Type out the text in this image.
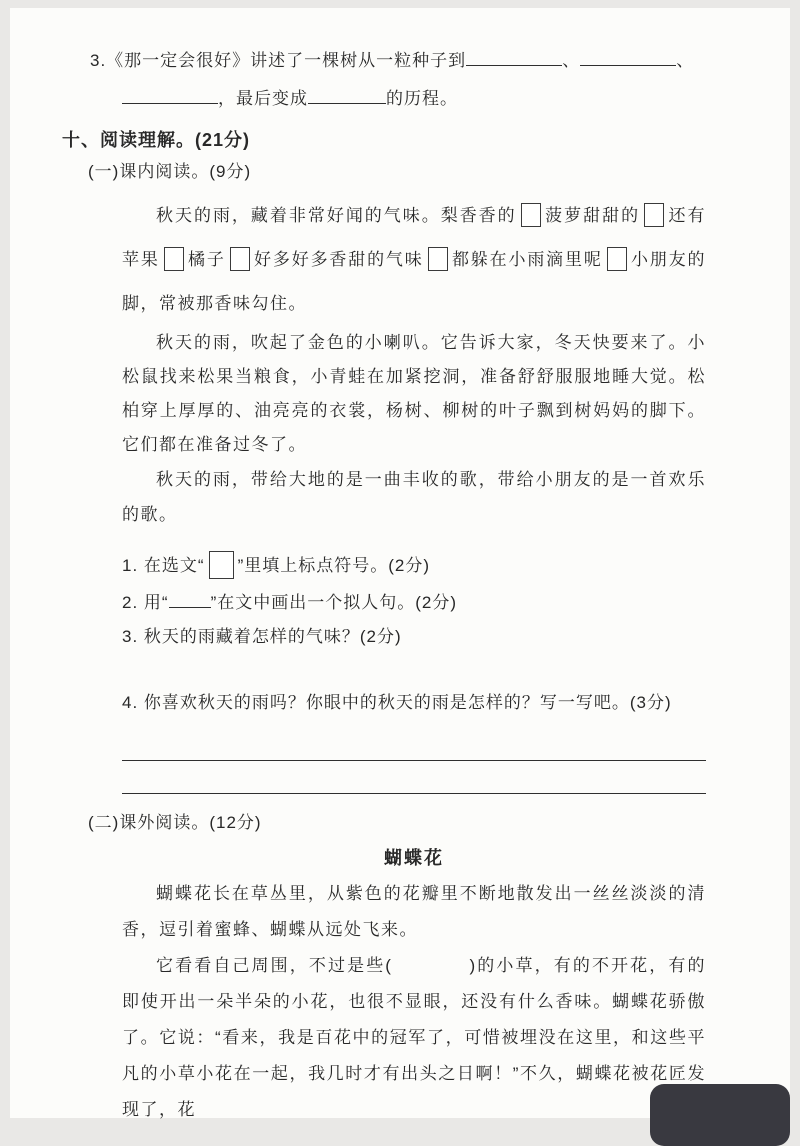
3.《那一定会很好》讲述了一棵树从一粒种子到	、	、
，最后变成	的历程。
十、阅读理解。(21分)
(一)课内阅读。(9分)

秋天的雨，藏着非常好闻的气味。梨香香的 菠萝甜甜的 还有苹果 橘子 好多好多香甜的气味 都躲在小雨滴里呢 小朋友的脚，常被那香味勾住。

秋天的雨，吹起了金色的小喇叭。它告诉大家，冬天快要来了。小松鼠找来松果当粮食，小青蛙在加紧挖洞，准备舒舒服服地睡大觉。松柏穿上厚厚的、油亮亮的衣裳，杨树、柳树的叶子飘到树妈妈的脚下。它们都在准备过冬了。

秋天的雨，带给大地的是一曲丰收的歌，带给小朋友的是一首欢乐的歌。

1. 在选文“ ”里填上标点符号。(2分)
2. 用“ ”在文中画出一个拟人句。(2分)
3. 秋天的雨藏着怎样的气味？(2分)
4. 你喜欢秋天的雨吗？你眼中的秋天的雨是怎样的？写一写吧。(3分)
(二)课外阅读。(12分)
蝴蝶花

蝴蝶花长在草丛里，从紫色的花瓣里不断地散发出一丝丝淡淡的清香，逗引着蜜蜂、蝴蝶从远处飞来。

它看看自己周围，不过是些(　　　　)的小草，有的不开花，有的即使开出一朵半朵的小花，也很不显眼，还没有什么香味。蝴蝶花骄傲了。它说：“看来，我是百花中的冠军了，可惜被埋没在这里，和这些平凡的小草小花在一起，我几时才有出头之日啊！”不久，蝴蝶花被花匠发现了，花
